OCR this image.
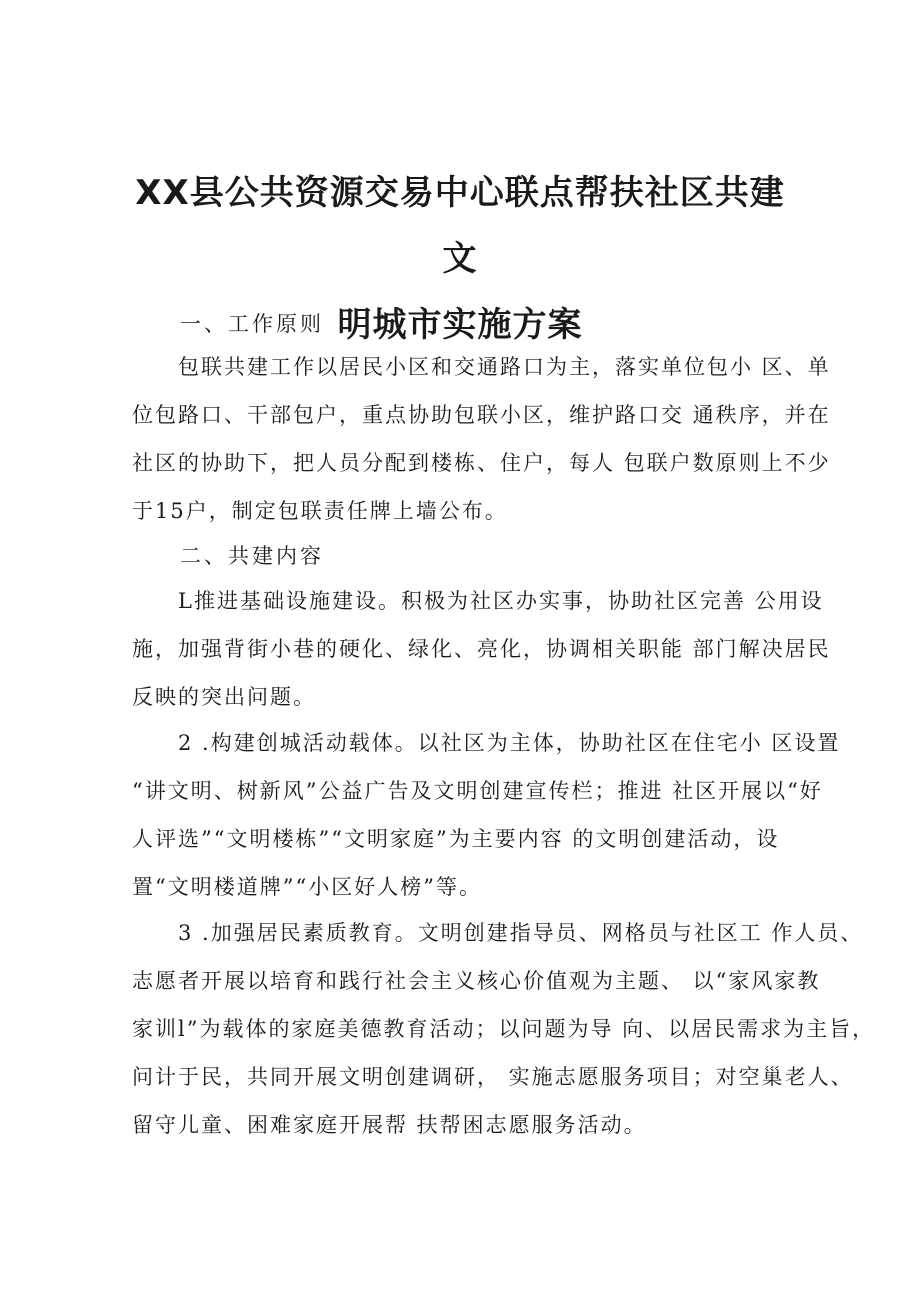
XX县公共资源交易中心联点帮扶社区共建文
明城市实施方案

一、工作原则

包联共建工作以居民小区和交通路口为主，落实单位包小 区、单
位包路口、干部包户，重点协助包联小区，维护路口交 通秩序，并在
社区的协助下，把人员分配到楼栋、住户，每人 包联户数原则上不少
于15户，制定包联责任牌上墙公布。

二、共建内容

L推进基础设施建设。积极为社区办实事，协助社区完善 公用设
施，加强背街小巷的硬化、绿化、亮化，协调相关职能 部门解决居民
反映的突出问题。

2 .构建创城活动载体。以社区为主体，协助社区在住宅小 区设置
“讲文明、树新风”公益广告及文明创建宣传栏；推进 社区开展以“好
人评选”“文明楼栋”“文明家庭”为主要内容 的文明创建活动，设
置“文明楼道牌”“小区好人榜”等。

3 .加强居民素质教育。文明创建指导员、网格员与社区工 作人员、
志愿者开展以培育和践行社会主义核心价值观为主题、 以“家风家教
家训l”为载体的家庭美德教育活动；以问题为导 向、以居民需求为主旨，
问计于民，共同开展文明创建调研， 实施志愿服务项目；对空巢老人、
留守儿童、困难家庭开展帮 扶帮困志愿服务活动。
